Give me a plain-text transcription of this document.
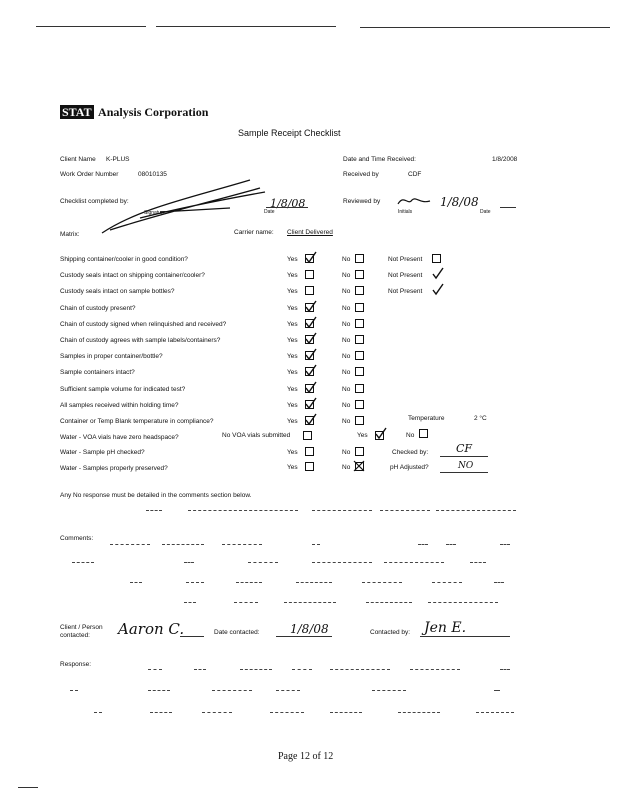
STAT Analysis Corporation
Sample Receipt Checklist
Client Name K-PLUS
Work Order Number	08010135
Date and Time Received:	1/8/2008
Received by	CDF
Checklist completed by:
Signature	Date
1/8/08	Reviewed by
Initials
1/8/08
Date
Matrix:	Carrier name: Client Delivered
Shipping container/cooler in good condition?	Yes	No	Not Present
Custody seals intact on shipping container/cooler?	Yes	No	Not Present
Custody seals intact on sample bottles?	Yes	No	Not Present
Chain of custody present?	Yes	No
Chain of custody signed when relinquished and received?	Yes	No
Chain of custody agrees with sample labels/containers?	Yes	No
Samples in proper container/bottle?	Yes	No
Sample containers intact?	Yes	No
Sufficient sample volume for indicated test?	Yes	No
All samples received within holding time?	Yes	No
Container or Temp Blank temperature in compliance?	Yes	No	Temperature	2 °C
Water - VOA vials have zero headspace?	No VOA vials submitted	Yes	No
Water - Sample pH checked?	Yes	No	Checked by:	CF
Water - Samples properly preserved?	Yes	No	pH Adjusted?	NO
Any No response must be detailed in the comments section below.
Comments:
Client / Person contacted:	Aaron C.	Date contacted:	1/8/08	Contacted by: Jen E.
Response:
Page 12 of 12
